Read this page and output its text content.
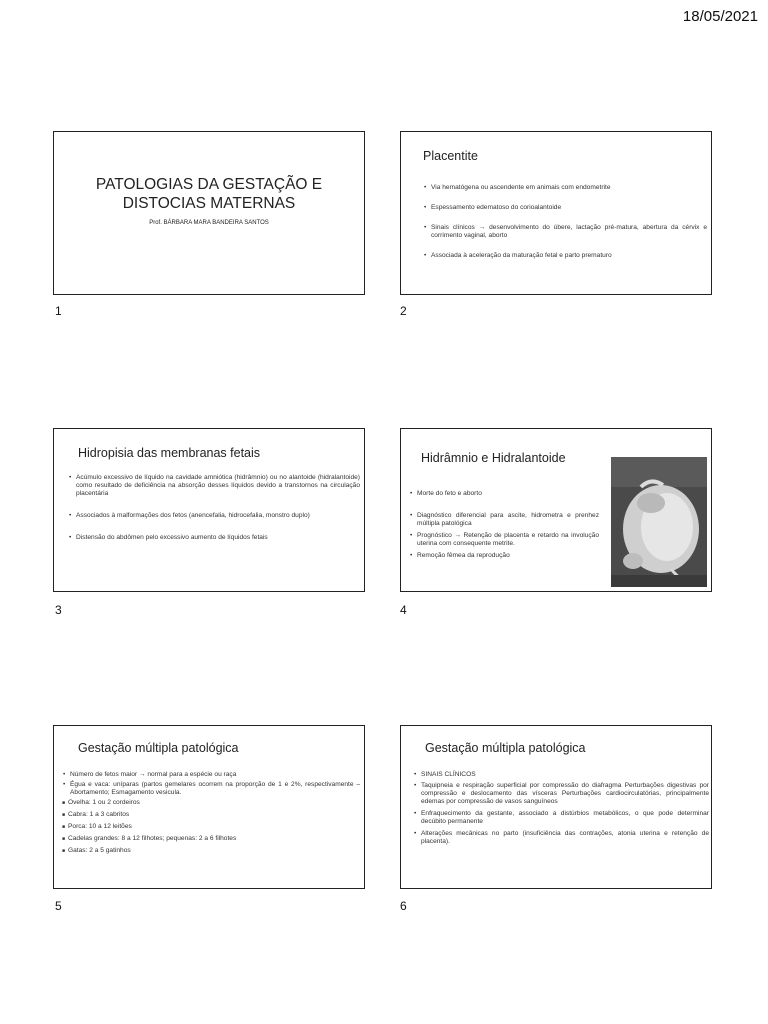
18/05/2021
PATOLOGIAS DA GESTAÇÃO E
DISTOCIAS MATERNAS
Prof. BÁRBARA MARA BANDEIRA SANTOS
1
Placentite
• Via hematógena ou ascendente em animais com endometrite
• Espessamento edematoso do corioalantoide
• Sinais clínicos → desenvolvimento do úbere, lactação pré-matura, abertura da cérvix e corrimento vaginal, aborto
• Associada à aceleração da maturação fetal e parto prematuro
2
Hidropisia das membranas fetais
• Acúmulo excessivo de líquido na cavidade amniótica (hidrâmnio) ou no alantoide (hidralantoide) como resultado de deficiência na absorção desses líquidos devido a transtornos na circulação placentária
• Associados à malformações dos fetos (anencefalia, hidrocefalia, monstro duplo)
• Distensão do abdômen pelo excessivo aumento de líquidos fetais
3
Hidrâmnio e Hidralantoide
• Morte do feto e aborto
• Diagnóstico diferencial para ascite, hidrometra e prenhez múltipla patológica
• Prognóstico → Retenção de placenta e retardo na involução uterina com consequente metrite.
• Remoção fêmea da reprodução
4
Gestação múltipla patológica
• Número de fetos maior → normal para a espécie ou raça
• Égua e vaca: uníparas (partos gemelares ocorrem na proporção de 1 e 2%, respectivamente – Abortamento; Esmagamento vesicula.
■ Ovelha: 1 ou 2 cordeiros
■ Cabra: 1 a 3 cabritos
■ Porca: 10 a 12 leitões
■ Cadelas grandes: 8 a 12 filhotes; pequenas: 2 a 6 filhotes
■ Gatas: 2 a 5 gatinhos
5
Gestação múltipla patológica
• SINAIS CLÍNICOS
• Taquipneia e respiração superficial por compressão do diafragma Perturbações digestivas por compressão e deslocamento das vísceras Perturbações cardiocirculatórias, principalmente edemas por compressão de vasos sanguíneos
• Enfraquecimento da gestante, associado a distúrbios metabólicos, o que pode determinar decúbito permanente
• Alterações mecânicas no parto (insuficiência das contrações, atonia uterina e retenção de placenta).
6
